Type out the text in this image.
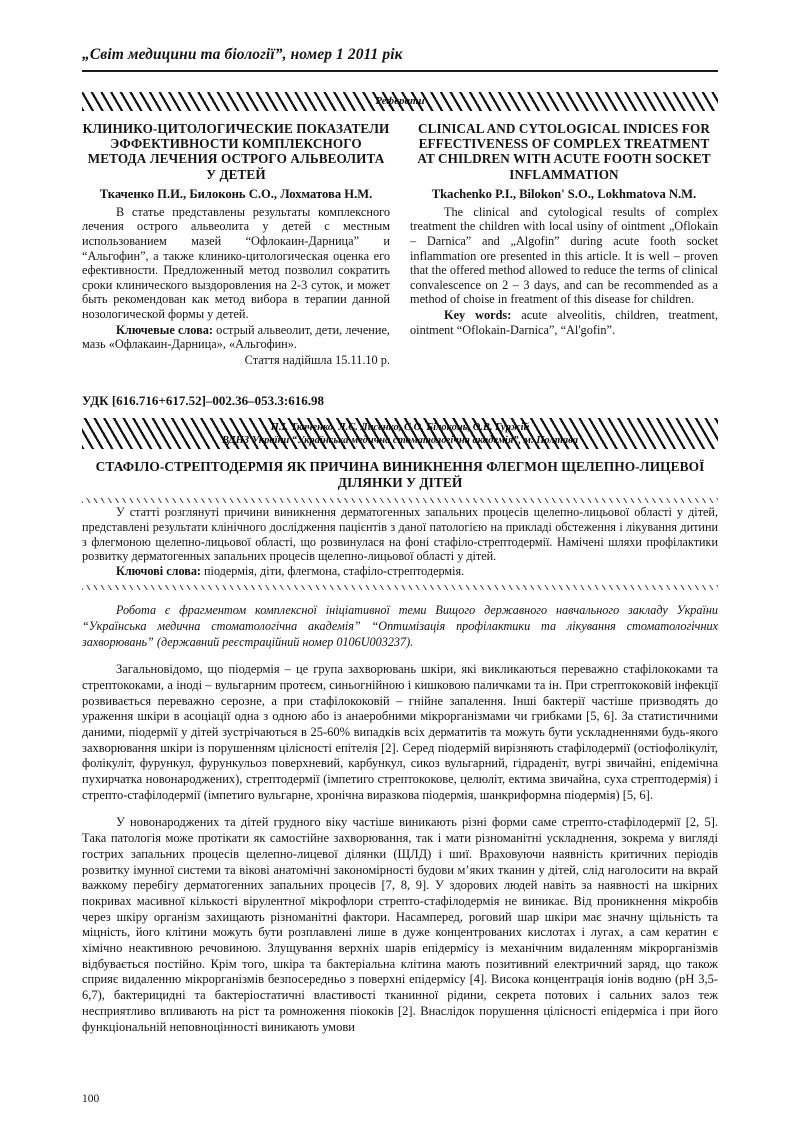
„Світ медицини та біології”, номер 1 2011 рік
Реферати
КЛИНИКО-ЦИТОЛОГИЧЕСКИЕ ПОКАЗАТЕЛИ ЭФФЕКТИВНОСТИ КОМПЛЕКСНОГО МЕТОДА ЛЕЧЕНИЯ ОСТРОГО АЛЬВЕОЛИТА У ДЕТЕЙ
Ткаченко П.И., Билоконь С.О., Лохматова Н.М.
В статье представлены результаты комплексного лечения острого альвеолита у детей с местным использованием мазей “Офлокаин-Дарница” и “Альгофин”, а также клинико-цитологическая оценка его ефективности. Предложенный метод позволил сократить сроки клинического выздоровления на 2-3 суток, и может быть рекомендован как метод вибора в терапии данной нозологической формы у детей.
Ключевые слова: острый альвеолит, дети, лечение, мазь «Офлакаин-Дарница», «Альгофин».
Стаття надійшла 15.11.10 р.
CLINICAL AND CYTOLOGICAL INDICES FOR EFFECTIVENESS OF COMPLEX TREATMENT AT CHILDREN WITH ACUTE FOOTH SOCKET INFLAMMATION
Tkachenko P.I., Bilokon' S.O., Lokhmatova N.M.
The clinical and cytological results of complex treatment the children with local usiny of ointment „Oflokain – Darnica” and „Algofin” during acute footh socket inflammation ore presented in this article. It is well – proven that the offered method allowed to reduce the terms of clinical convalescence on 2 – 3 days, and can be recommended as a method of choise in freatment of this disease for children.
Key words: acute alveolitis, children, treatment, ointment “Oflokain-Darnica”, “Al'gofin”.
УДК [616.716+617.52]–002.36–053.3:616.98
П.І. Ткаченко, Л.С. Лисенко, С.О. Білоконь, О.В. Гуржій
ВДНЗ України “Українська медична стоматологічна академія”, м. Полтава
СТАФІЛО-СТРЕПТОДЕРМІЯ ЯК ПРИЧИНА ВИНИКНЕННЯ ФЛЕГМОН ЩЕЛЕПНО-ЛИЦЕВОЇ ДІЛЯНКИ У ДІТЕЙ
У статті розглянуті причини виникнення дерматогенных запальних процесів щелепно-лицьової області у дітей, представлені результати клінічного дослідження пацієнтів з даної патологією на прикладі обстеження і лікування дитини з флегмоною щелепно-лицьової області, що розвинулася на фоні стафіло-стрептодермії. Намічені шляхи профілактики розвитку дерматогенных запальних процесів щелепно-лицьової області у дітей.
Ключові слова: піодермія, діти, флегмона, стафіло-стрептодермія.
Робота є фрагментом комплексної ініціативної теми Вищого державного навчального закладу України “Українська медична стоматологічна академія” “Оптимізація профілактики та лікування стоматологічних захворювань” (державний реєстраційний номер 0106U003237).
Загальновідомо, що піодермія – це група захворювань шкіри, які викликаються переважно стафілококами та стрептококами, а іноді – вульгарним протеєм, синьогнійною і кишковою паличками та ін. При стрептококовій інфекції розвивається переважно серозне, а при стафілококовій – гнійне запалення. Інші бактерії частіше призводять до ураження шкіри в асоціації одна з одною або із анаеробними мікрорганізмами чи грибками [5, 6]. За статистичними даними, піодермії у дітей зустрічаються в 25-60% випадків всіх дерматитів та можуть бути ускладненнями будь-якого захворювання шкіри із порушенням цілісності епітелія [2]. Серед піодермій вирізняють стафілодермії (остіофолікуліт, фолікуліт, фурункул, фурункульоз поверхневий, карбункул, сикоз вульгарний, гідраденіт, вугрі звичайні, епідемічна пухирчатка новонароджених), стрептодермії (імпетиго стрептококове, целюліт, ектима звичайна, суха стрептодермія) і стрепто-стафілодермії (імпетиго вульгарне, хронічна виразкова піодермія, шанкриформна піодермія) [5, 6].
У новонароджених та дітей грудного віку частіше виникають різні форми саме стрепто-стафілодермії [2, 5]. Така патологія може протікати як самостійне захворювання, так і мати різноманітні ускладнення, зокрема у вигляді гострих запальних процесів щелепно-лицевої ділянки (ЩЛД) і шиї. Враховуючи наявність критичних періодів розвитку імунної системи та вікові анатомічні закономірності будови м’яких тканин у дітей, слід наголосити на вкрай важкому перебігу дерматогенних запальних процесів [7, 8, 9]. У здорових людей навіть за наявності на шкірних покривах масивної кількості вірулентної мікрофлори стрепто-стафілодермія не виникає. Від проникнення мікробів через шкіру організм захищають різноманітні фактори. Насамперед, роговий шар шкіри має значну щільність та міцність, його клітини можуть бути розплавлені лише в дуже концентрованих кислотах і лугах, а сам кератин є хімічно неактивною речовиною. Злущування верхніх шарів епідермісу із механічним видаленням мікрорганізмів відбувається постійно. Крім того, шкіра та бактеріальна клітина мають позитивний електричний заряд, що також сприяє видаленню мікрорганізмів безпосередньо з поверхні епідермісу [4]. Висока концентрація іонів водню (рН 3,5-6,7), бактерицидні та бактеріостатичні властивості тканинної рідини, секрета потових і сальних залоз теж несприятливо впливають на ріст та ромноження піококів [2]. Внаслідок порушення цілісності епідерміса і при його функціональній неповноцінності виникають умови
100
